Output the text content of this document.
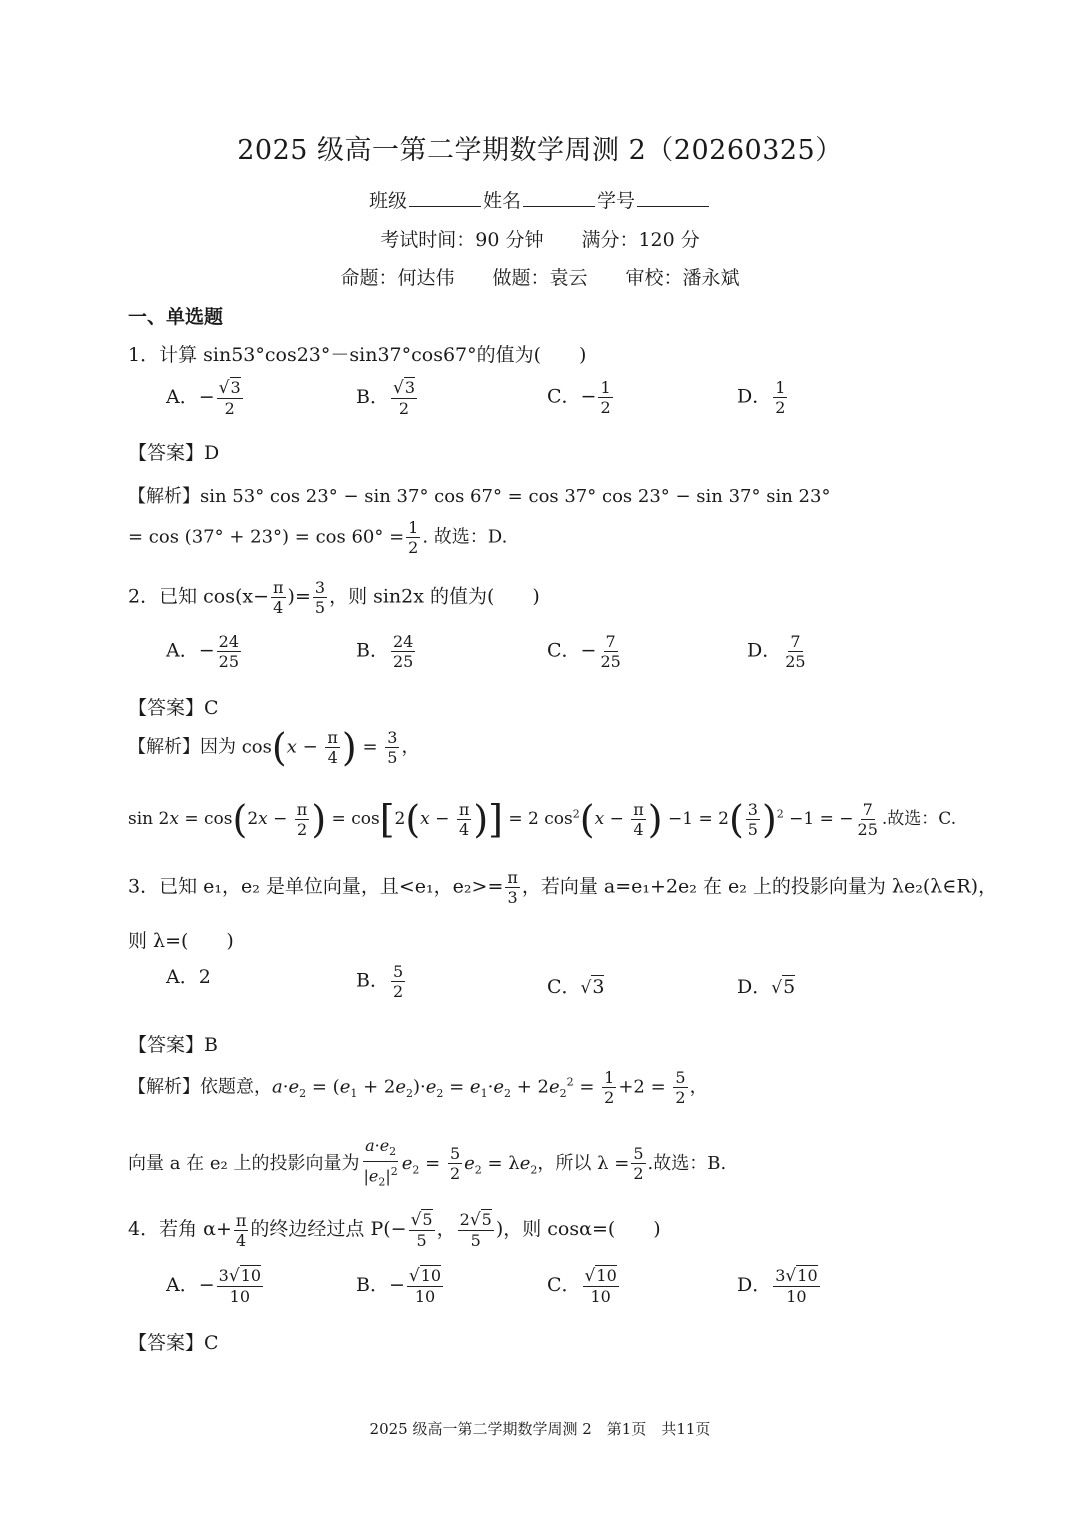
2025 级高一第二学期数学周测 2（20260325）
班级	姓名	学号
考试时间：90 分钟 满分：120 分
命题：何达伟 做题：袁云 审校：潘永斌
一、单选题
1．计算 sin53°cos23°－sin37°cos67°的值为(　　)
A．− $\frac{√3}{2}$	B． $\frac{√3}{2}$	C．− $\frac{1}{2}$	D． $\frac{1}{2}$
【答案】D
【解析】sin 53° cos 23° − sin 37° cos 67° = cos 37° cos 23° − sin 37° sin 23°
= $\cos (37^\circ + 23^\circ) = \cos 60^\circ = \frac{1}{2}$ . 故选：D.
2．已知 $\cos(x- \frac{\pi}{4}$ )= $\frac{3}{5}$ ，则 sin2x 的值为(　　)
A．− $\frac{24}{25}$	B． $\frac{24}{25}$	C．− $\frac{7}{25}$	D． $\frac{7}{25}$
【答案】C
【解析】因为 $\cos(x - \frac{\pi}{4}$ ) = $\frac{3}{5}$ ，
$\sin 2x = \cos(2x - \frac{\pi}{2}$ ) = $\cos[2(x - \frac{\pi}{4}$ )] = 2 $\cos^2(x - \frac{\pi}{4}$ ) $-1 = 2( \frac{3}{5} )^2 -1$ = − $\frac{7}{25}$ .故选：C.
3．已知 e₁，e₂ 是单位向量，且<e₁，$e_2>= \frac{\pi}{3}$ ，若向量 a=e₁+2e₂ 在 e₂ 上的投影向量为 λe₂(λ∈R)，
则 λ=(　　)
A．2	B． $\frac{5}{2}$	C．√3	D．√5
【答案】B
【解析】依题意，$a\cdot e_2 = (e_1 + 2e_2)\cdot e_2 = e_1\cdot e_2 + 2e_2^2 = \frac{1}{2} +2 = \frac{5}{2}$ ，
向量 a 在 e₂ 上的投影向量为 $\frac{a\cdot e_2}{|e_2|^2} e_2 = \frac{5}{2} e_2 = \lambda e_2$，所以 $\lambda = \frac{5}{2}$ .故选：B.
4．若角 $\alpha+ \frac{\pi}{4}$ 的终边经过点 $P(- \frac{√5}{5}$ ， $\frac{2√5}{5}$ )，则 cosα=(　　)
A．− $\frac{3√10}{10}$	B．− $\frac{√10}{10}$	C． $\frac{√10}{10}$	D． $\frac{3√10}{10}$
【答案】C
2025 级高一第二学期数学周测 2　第1页　共11页
